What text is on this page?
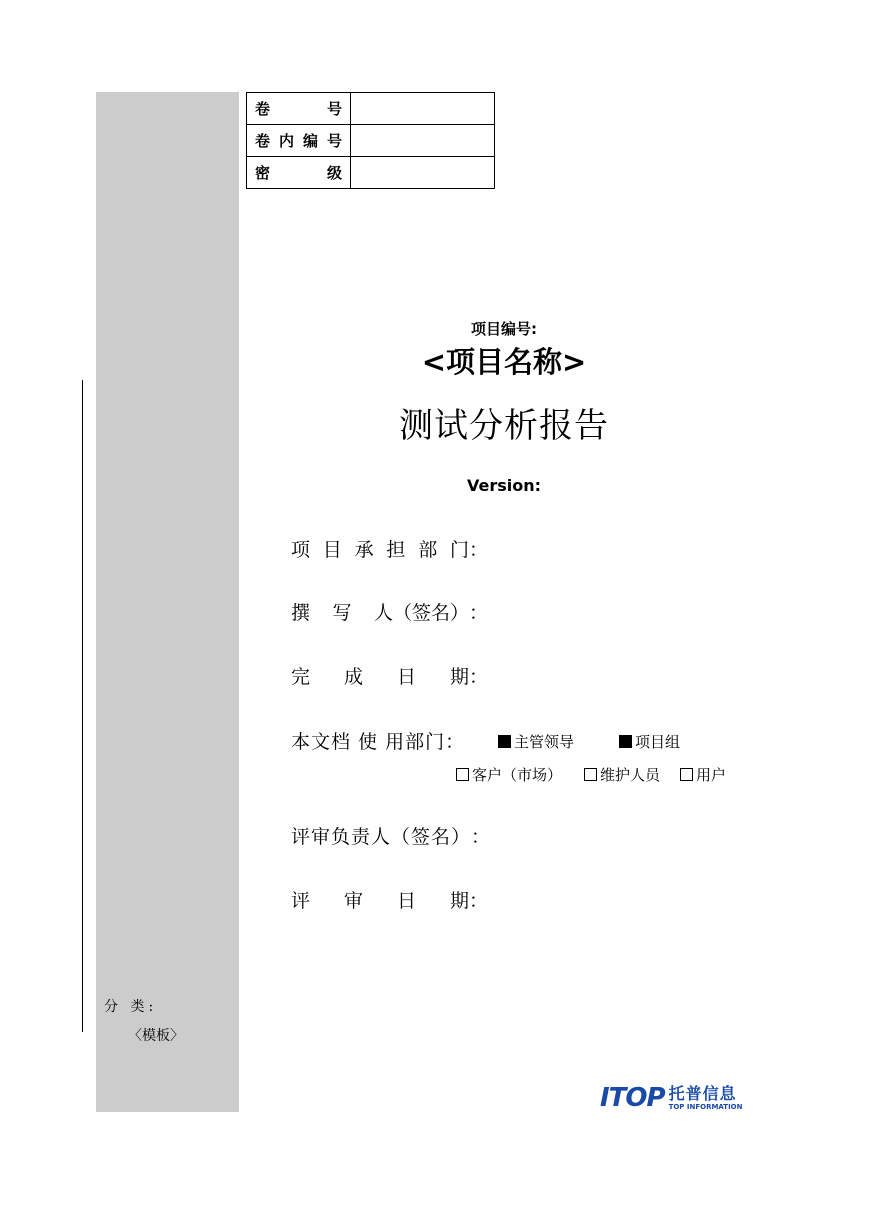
分 类:
〈模板〉
卷 号	

卷 内 编 号	

密 级	

项目编号:
<项目名称>
测试分析报告
Version:
项 目 承 担 部 门 ：
撰 写 人（签名） ：
完 成 日 期 ：
本文档 使 用部门 ：	主管领导	项目组
客户（市场）	维护人员 用户
评审负责人（签名） ：
评 审 日 期 ：
ITOP 托普信息
TOP INFORMATION
